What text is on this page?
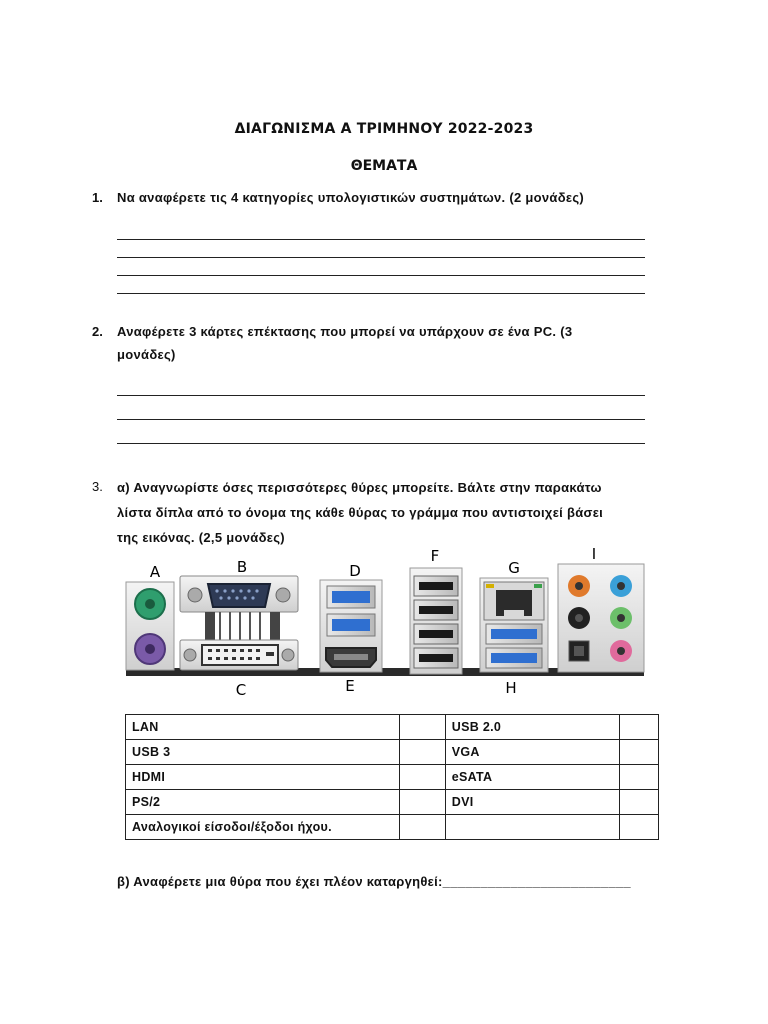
ΔΙΑΓΩΝΙΣΜΑ Α ΤΡΙΜΗΝΟΥ 2022-2023
ΘΕΜΑΤΑ
1. Να αναφέρετε τις 4 κατηγορίες υπολογιστικών συστημάτων. (2 μονάδες)
2. Αναφέρετε 3 κάρτες επέκτασης που μπορεί να υπάρχουν σε ένα PC. (3
μονάδες)
3. α) Αναγνωρίστε όσες περισσότερες θύρες μπορείτε. Βάλτε στην παρακάτω
λίστα δίπλα από το όνομα της κάθε θύρας το γράμμα που αντιστοιχεί βάσει
της εικόνας. (2,5 μονάδες)
A	B
C
D
E
F
G
H
I
LAN		USB 2.0	
USB 3		VGA	
HDMI		eSATA	
PS/2		DVI	
Αναλογικοί είσοδοι/έξοδοι ήχου.			
β) Αναφέρετε μια θύρα που έχει πλέον καταργηθεί:_________________________
